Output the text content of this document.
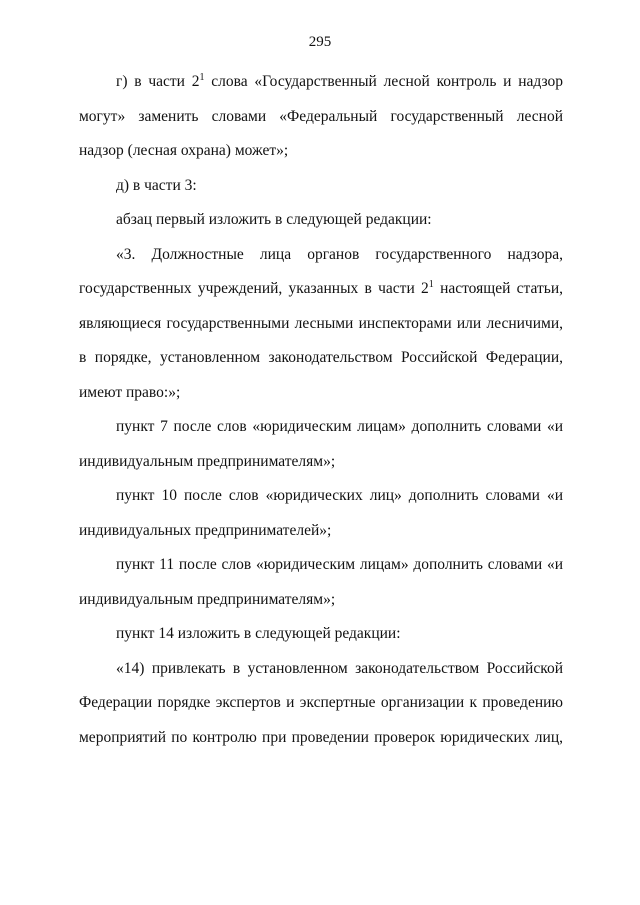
295

г) в части $2^1$ слова «Государственный лесной контроль и надзор могут» заменить словами «Федеральный государственный лесной надзор (лесная охрана) может»;

д) в части 3:

абзац первый изложить в следующей редакции:

«3. Должностные лица органов государственного надзора, государственных учреждений, указанных в части $2^1$ настоящей статьи, являющиеся государственными лесными инспекторами или лесничими, в порядке, установленном законодательством Российской Федерации, имеют право:»;

пункт 7 после слов «юридическим лицам» дополнить словами «и индивидуальным предпринимателям»;

пункт 10 после слов «юридических лиц» дополнить словами «и индивидуальных предпринимателей»;

пункт 11 после слов «юридическим лицам» дополнить словами «и индивидуальным предпринимателям»;

пункт 14 изложить в следующей редакции:

«14) привлекать в установленном законодательством Российской Федерации порядке экспертов и экспертные организации к проведению мероприятий по контролю при проведении проверок юридических лиц,
